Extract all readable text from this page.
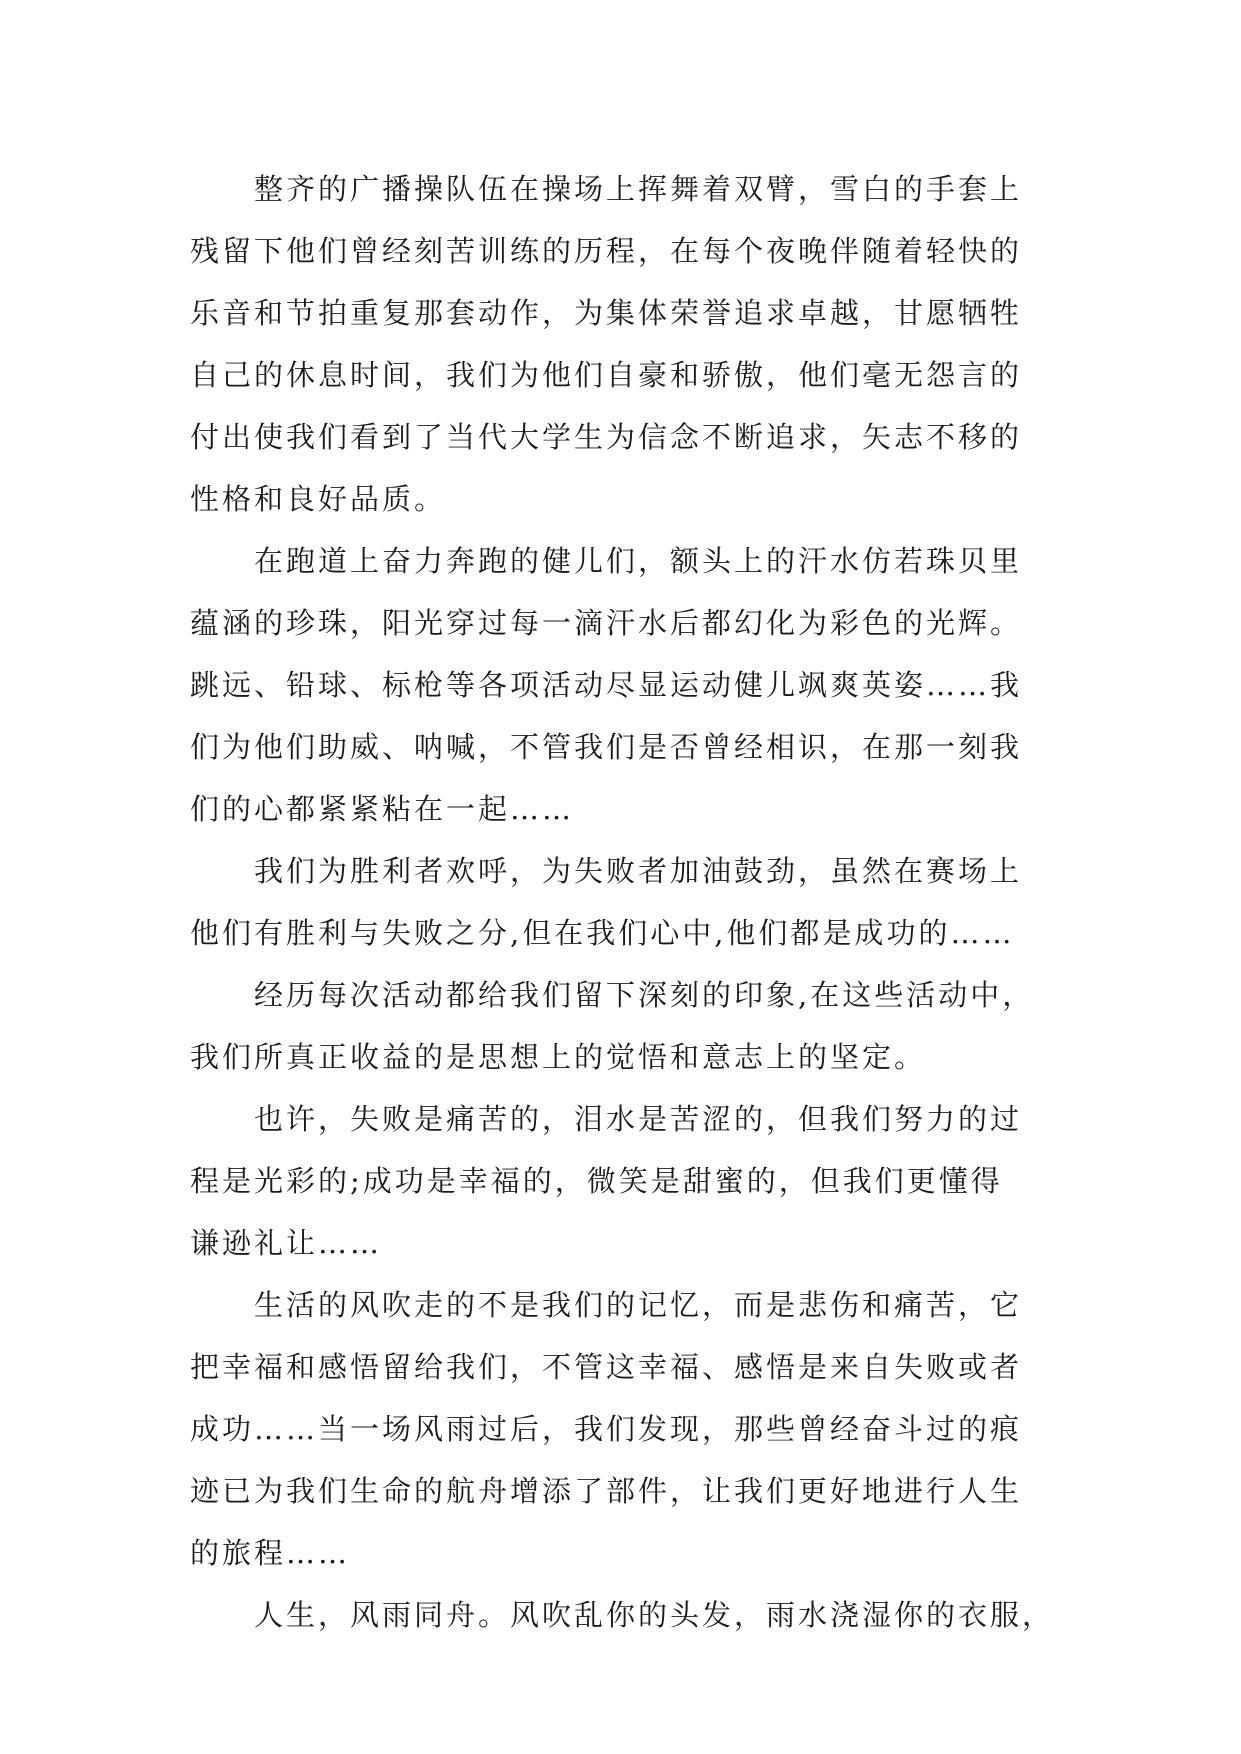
整齐的广播操队伍在操场上挥舞着双臂，雪白的手套上
残留下他们曾经刻苦训练的历程，在每个夜晚伴随着轻快的
乐音和节拍重复那套动作，为集体荣誉追求卓越，甘愿牺牲
自己的休息时间，我们为他们自豪和骄傲，他们毫无怨言的
付出使我们看到了当代大学生为信念不断追求，矢志不移的
性格和良好品质。
在跑道上奋力奔跑的健儿们，额头上的汗水仿若珠贝里
蕴涵的珍珠，阳光穿过每一滴汗水后都幻化为彩色的光辉。
跳远、铅球、标枪等各项活动尽显运动健儿飒爽英姿……我
们为他们助威、呐喊，不管我们是否曾经相识，在那一刻我
们的心都紧紧粘在一起……
我们为胜利者欢呼，为失败者加油鼓劲，虽然在赛场上
他们有胜利与失败之分,但在我们心中,他们都是成功的……
经历每次活动都给我们留下深刻的印象,在这些活动中，
我们所真正收益的是思想上的觉悟和意志上的坚定。
也许，失败是痛苦的，泪水是苦涩的，但我们努力的过
程是光彩的;成功是幸福的，微笑是甜蜜的，但我们更懂得
谦逊礼让……
生活的风吹走的不是我们的记忆，而是悲伤和痛苦，它
把幸福和感悟留给我们，不管这幸福、感悟是来自失败或者
成功……当一场风雨过后，我们发现，那些曾经奋斗过的痕
迹已为我们生命的航舟增添了部件，让我们更好地进行人生
的旅程……
人生，风雨同舟。风吹乱你的头发，雨水浇湿你的衣服，
